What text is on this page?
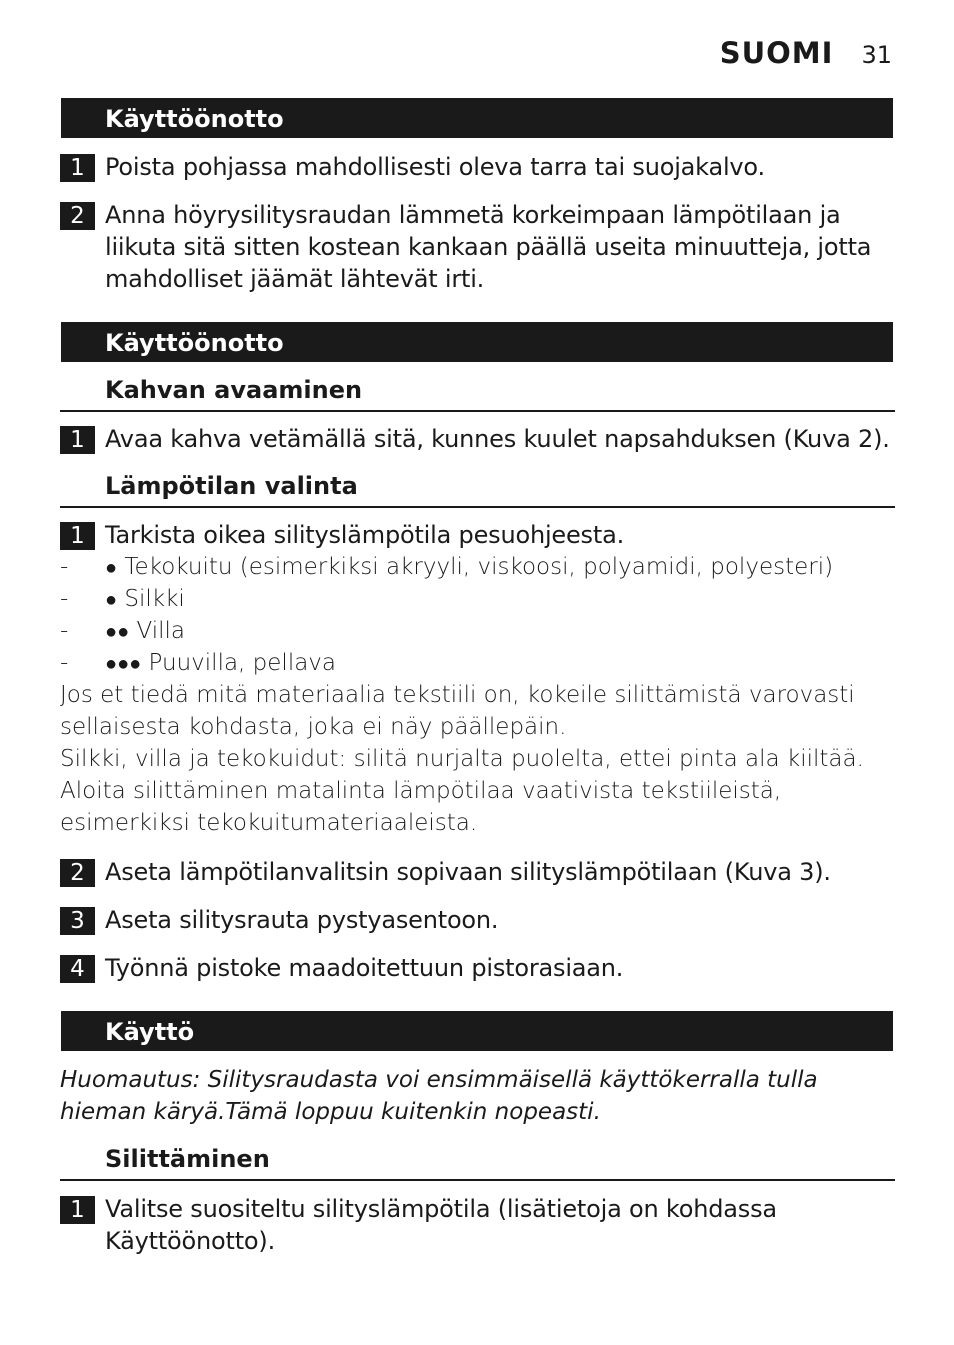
SUOMI 31
Käyttöönotto
1 Poista pohjassa mahdollisesti oleva tarra tai suojakalvo.
2 Anna höyrysilitysraudan lämmetä korkeimpaan lämpötilaan ja liikuta sitä sitten kostean kankaan päällä useita minuutteja, jotta mahdolliset jäämät lähtevät irti.
Käyttöönotto
Kahvan avaaminen
1 Avaa kahva vetämällä sitä, kunnes kuulet napsahduksen (Kuva 2).
Lämpötilan valinta
1 Tarkista oikea silityslämpötila pesuohjeesta.
- ● Tekokuitu (esimerkiksi akryyli, viskoosi, polyamidi, polyesteri)
- ● Silkki
- ●● Villa
- ●●● Puuvilla, pellava
Jos et tiedä mitä materiaalia tekstiili on, kokeile silittämistä varovasti sellaisesta kohdasta, joka ei näy päällepäin.
Silkki, villa ja tekokuidut: silitä nurjalta puolelta, ettei pinta ala kiiltää.
Aloita silittäminen matalinta lämpötilaa vaativista tekstiileistä, esimerkiksi tekokuitumateriaaleista.
2 Aseta lämpötilanvalitsin sopivaan silityslämpötilaan (Kuva 3).
3 Aseta silitysrauta pystyasentoon.
4 Työnnä pistoke maadoitettuun pistorasiaan.
Käyttö
Huomautus: Silitysraudasta voi ensimmäisellä käyttökerralla tulla hieman käryä.Tämä loppuu kuitenkin nopeasti.
Silittäminen
1 Valitse suositeltu silityslämpötila (lisätietoja on kohdassa Käyttöönotto).
